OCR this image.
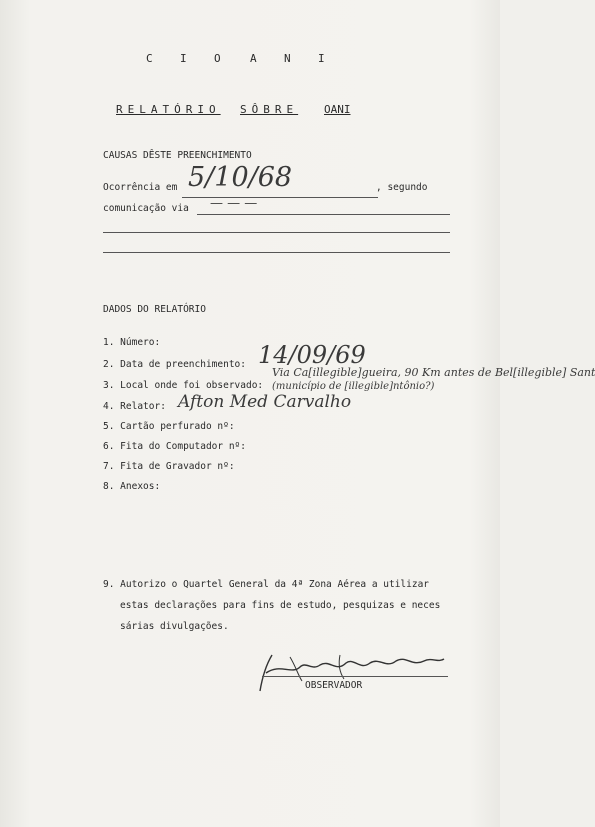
C I O	A N I
RELATÓRIO SÔBRE OANI
CAUSAS DÊSTE PREENCHIMENTO
Ocorrência em 5/10/68	, segundo
comunicação via — — —
DADOS DO RELATÓRIO
1. Número:
2. Data de preenchimento: 14/09/69
3. Local onde foi observado:
Via Ca[illegible]gueira, 90 Km antes de Bel[illegible] Sant
(município de [illegible]ntônio?)
4. Relator: Afton Med Carvalho
5. Cartão perfurado nº:
6. Fita do Computador nº:
7. Fita de Gravador nº:
8. Anexos:
9. Autorizo o Quartel General da 4ª Zona Aérea a utilizar
estas declarações para fins de estudo, pesquizas e neces
sárias divulgações.
OBSERVADOR
